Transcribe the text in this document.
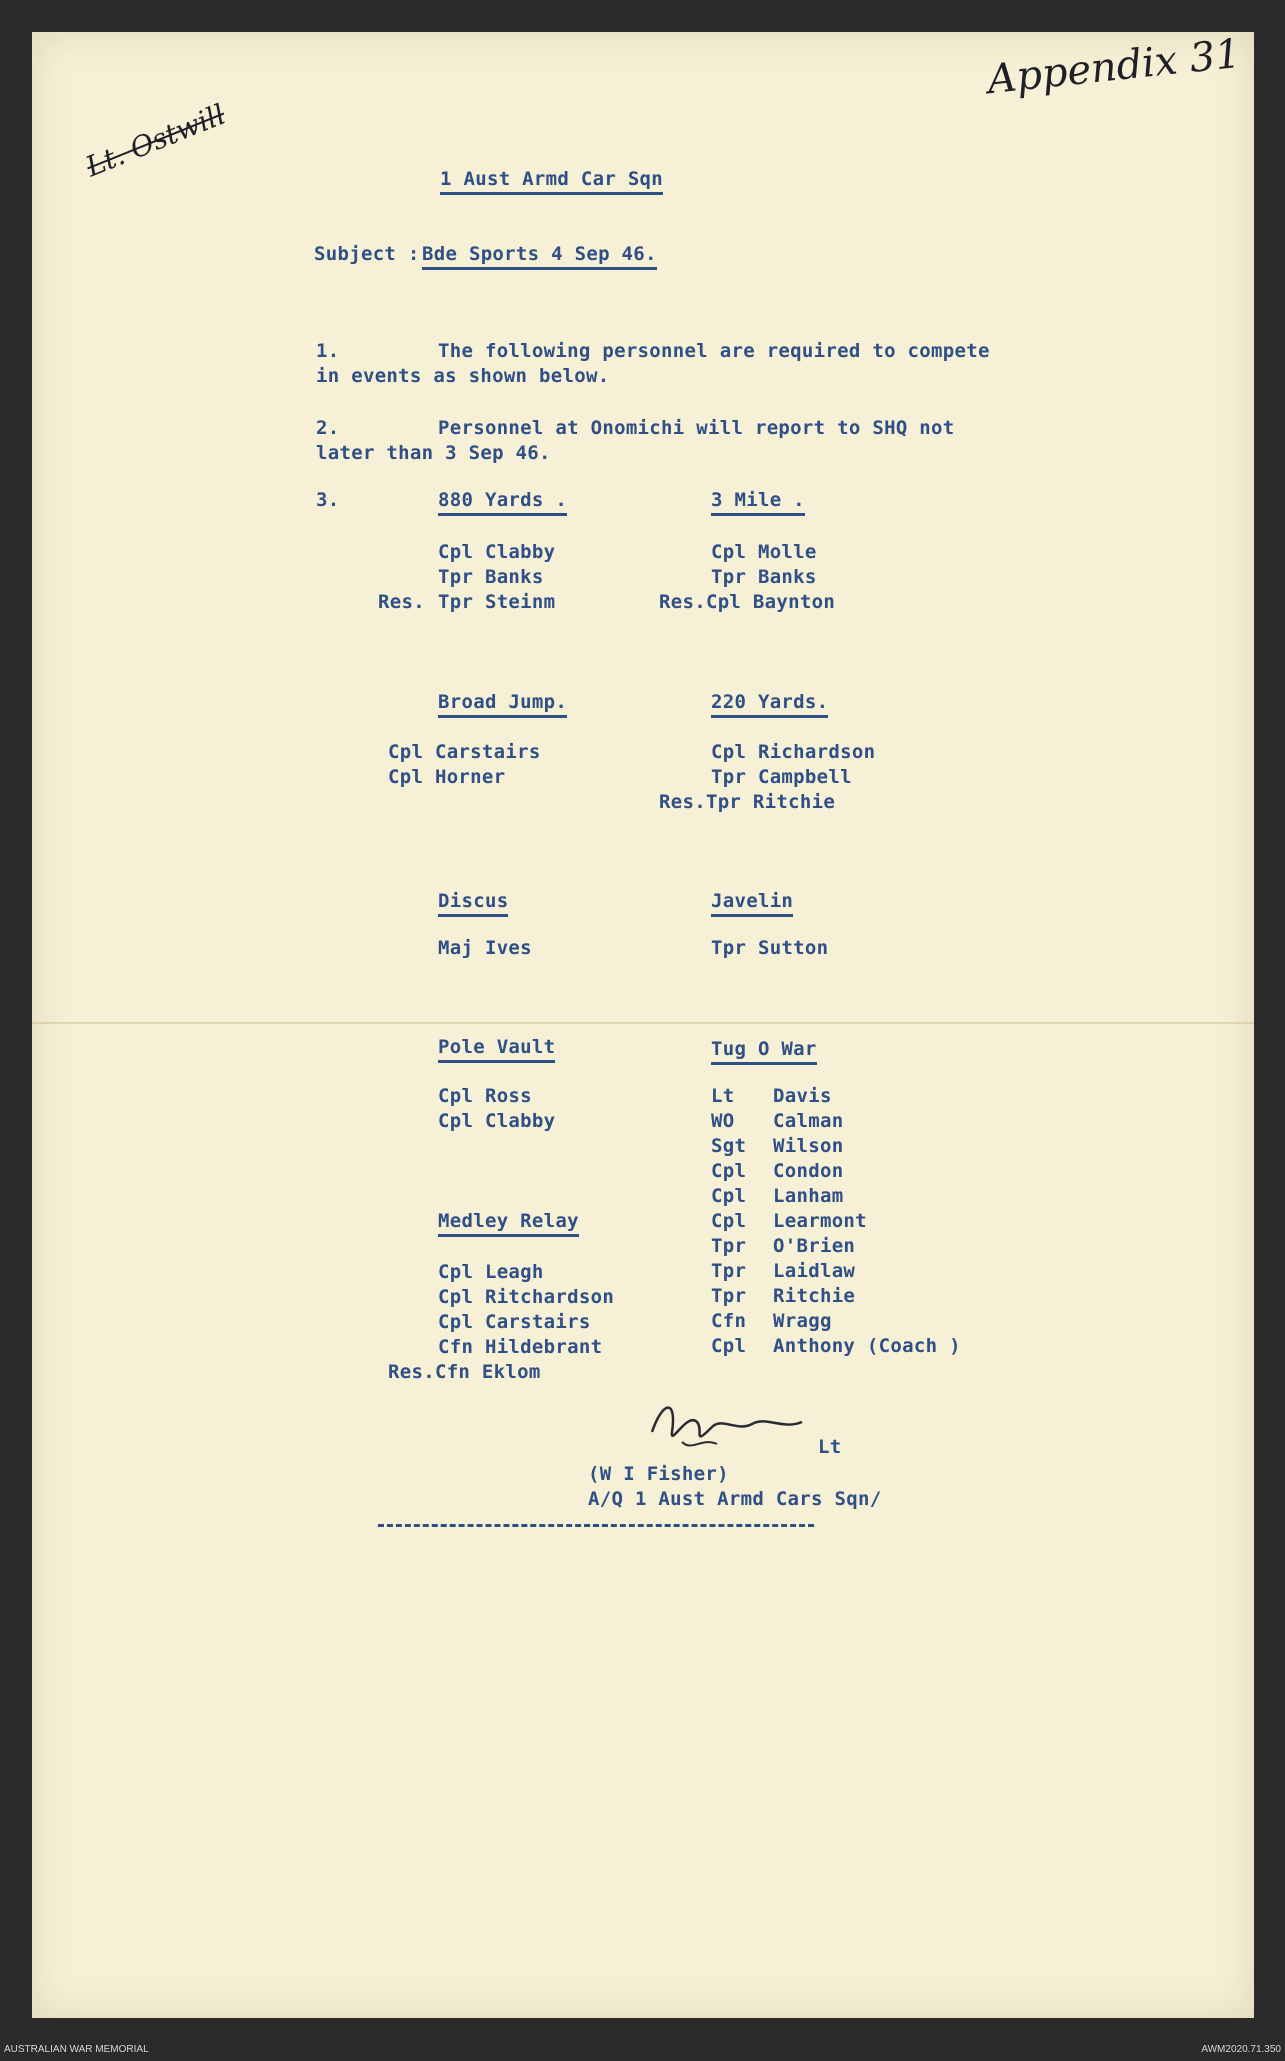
Appendix 31
Lt. Ostwill	1 Aust Armd Car Sqn
Subject : Bde Sports 4 Sep 46.
1.	The following personnel are required to compete
in events as shown below.
2.	Personnel at Onomichi will report to SHQ not
later than 3 Sep 46.
3.	880 Yards .
Cpl Clabby
Tpr Banks
Res. Tpr Steinm
3 Mile .
Cpl Molle
Tpr Banks
Res.Cpl Baynton
Broad Jump.
Cpl Carstairs
Cpl Horner
220 Yards.
Cpl Richardson
Tpr Campbell
Res.Tpr Ritchie
Discus
Maj Ives
Javelin
Tpr Sutton
Pole Vault
Cpl Ross
Cpl Clabby
Tug O War
Lt Davis
WO Calman
Sgt Wilson
Cpl Condon
Cpl Lanham
Cpl Learmont
Tpr O'Brien
Tpr Laidlaw
Tpr Ritchie
Cfn Wragg
Cpl Anthony (Coach )
Medley Relay
Cpl Leagh
Cpl Ritchardson
Cpl Carstairs
Cfn Hildebrant
Res.Cfn Eklom
Lt
(W I Fisher)
A/Q 1 Aust Armd Cars Sqn/
AUSTRALIAN WAR MEMORIAL	AWM2020.71.350
